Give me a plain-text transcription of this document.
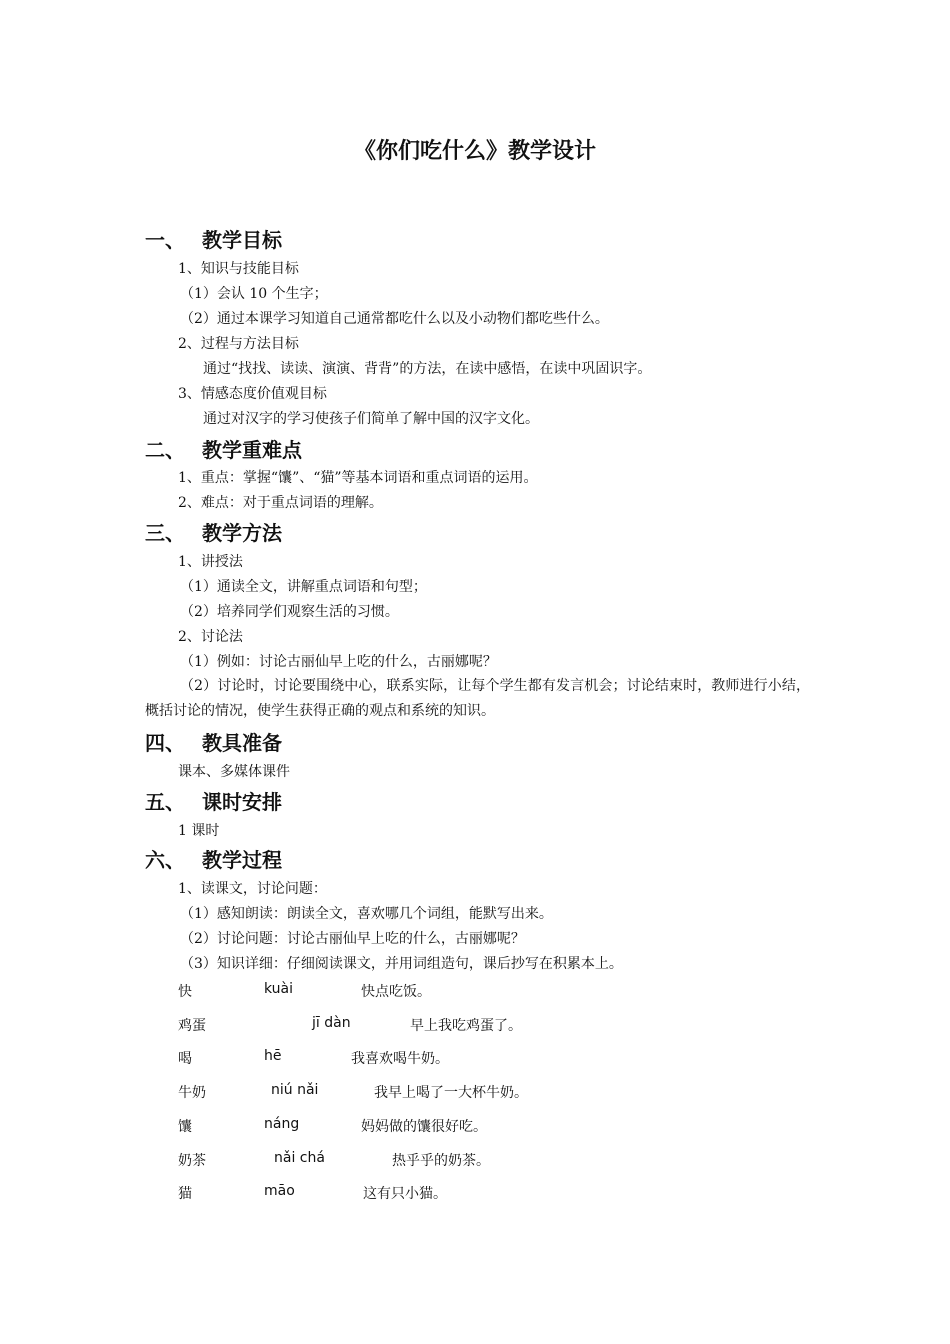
《你们吃什么》教学设计
一、 教学目标
1、知识与技能目标
（1）会认 10 个生字；
（2）通过本课学习知道自己通常都吃什么以及小动物们都吃些什么。
2、过程与方法目标
通过“找找、读读、演演、背背”的方法，在读中感悟，在读中巩固识字。
3、情感态度价值观目标
通过对汉字的学习使孩子们简单了解中国的汉字文化。
二、 教学重难点
1、重点：掌握“馕”、“猫”等基本词语和重点词语的运用。
2、难点：对于重点词语的理解。
三、 教学方法
1、讲授法
（1）通读全文，讲解重点词语和句型；
（2）培养同学们观察生活的习惯。
2、讨论法
（1）例如：讨论古丽仙早上吃的什么，古丽娜呢？
（2）讨论时，讨论要围绕中心，联系实际，让每个学生都有发言机会；讨论结束时，教师进行小结，概括讨论的情况，使学生获得正确的观点和系统的知识。
四、 教具准备
课本、多媒体课件
五、 课时安排
1 课时
六、 教学过程
1、读课文，讨论问题：
（1）感知朗读：朗读全文，喜欢哪几个词组，能默写出来。
（2）讨论问题：讨论古丽仙早上吃的什么，古丽娜呢？
（3）知识详细：仔细阅读课文，并用词组造句，课后抄写在积累本上。
快	kuài	快点吃饭。
鸡蛋	jī dàn	早上我吃鸡蛋了。
喝	hē	我喜欢喝牛奶。
牛奶	niú nǎi	我早上喝了一大杯牛奶。
馕	náng	妈妈做的馕很好吃。
奶茶	nǎi chá	热乎乎的奶茶。
猫	māo	这有只小猫。
